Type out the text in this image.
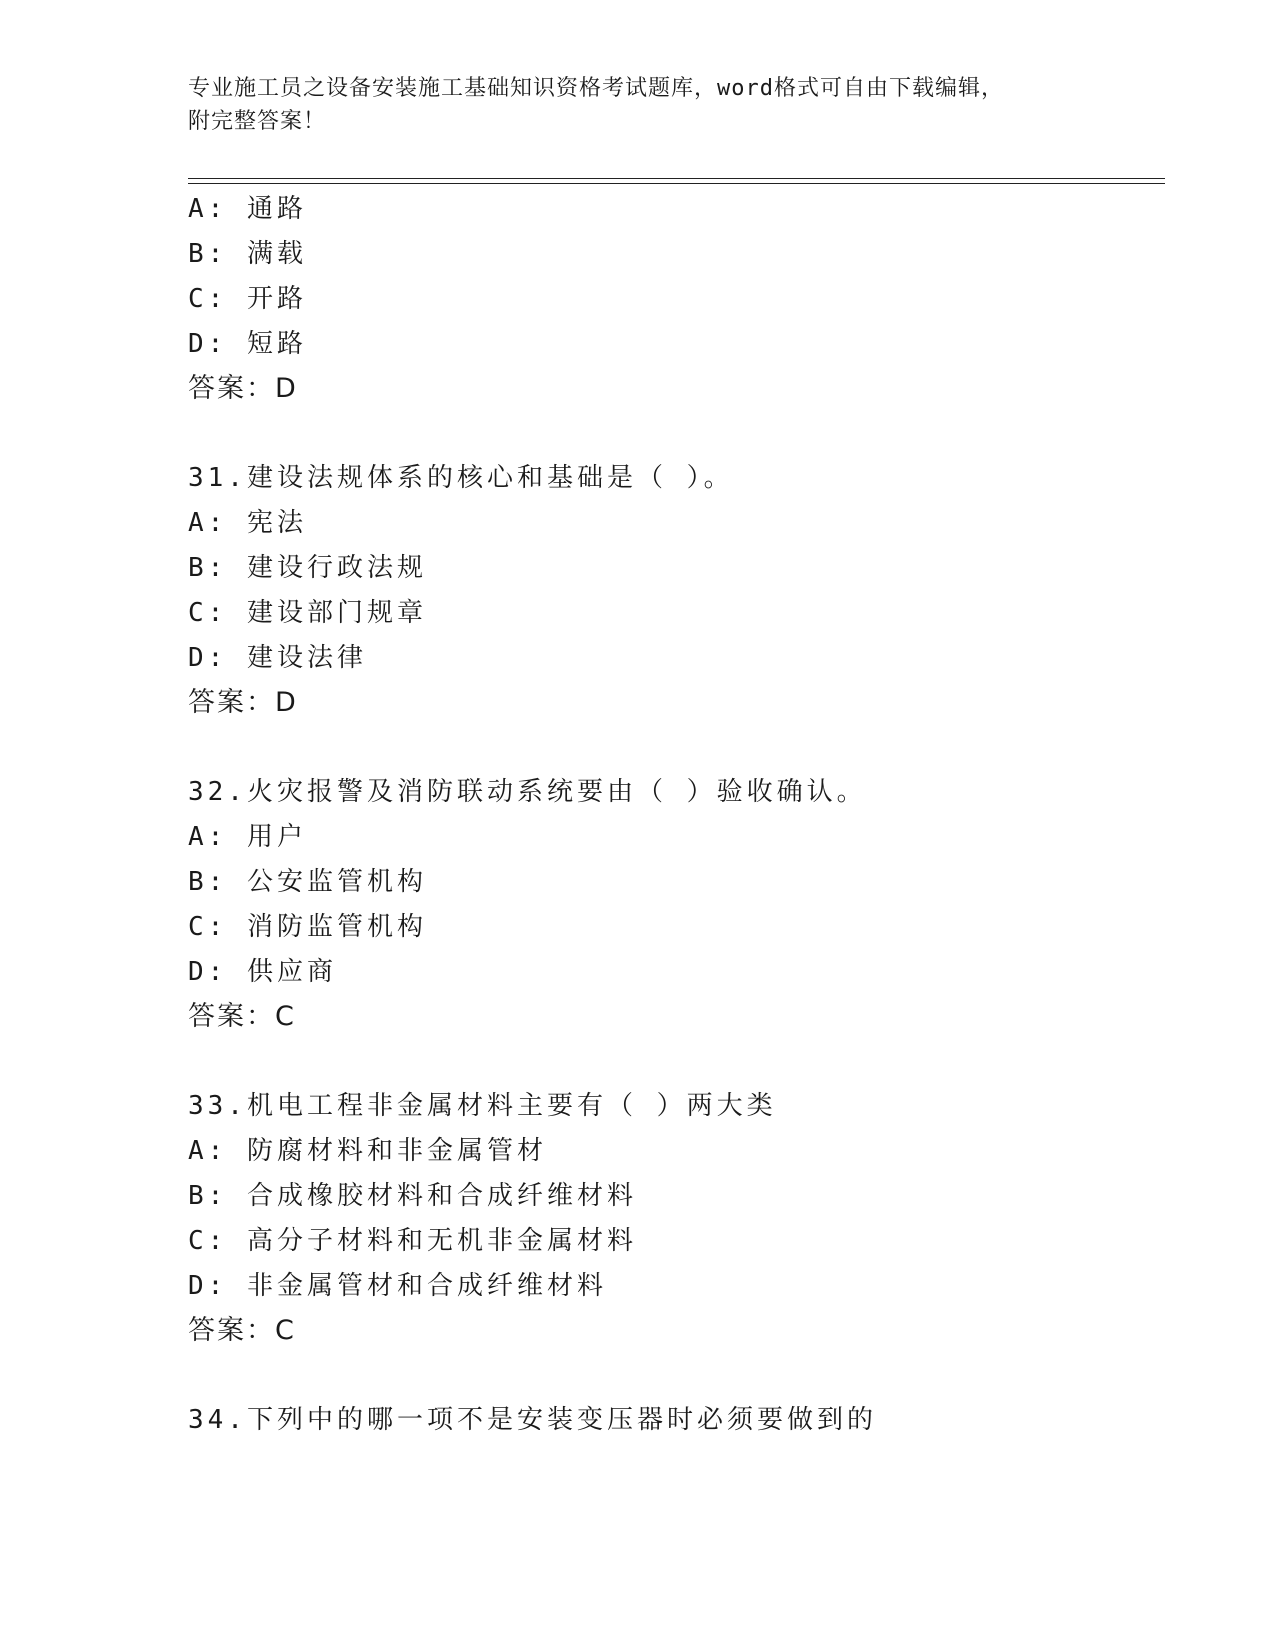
专业施工员之设备安装施工基础知识资格考试题库，word格式可自由下载编辑，
附完整答案！
A: 通路
B: 满载
C: 开路
D: 短路
答案：D
31.建设法规体系的核心和基础是（ ）。
A: 宪法
B: 建设行政法规
C: 建设部门规章
D: 建设法律
答案：D
32.火灾报警及消防联动系统要由（ ）验收确认。
A: 用户
B: 公安监管机构
C: 消防监管机构
D: 供应商
答案：C
33.机电工程非金属材料主要有（ ）两大类
A: 防腐材料和非金属管材
B: 合成橡胶材料和合成纤维材料
C: 高分子材料和无机非金属材料
D: 非金属管材和合成纤维材料
答案：C
34.下列中的哪一项不是安装变压器时必须要做到的
